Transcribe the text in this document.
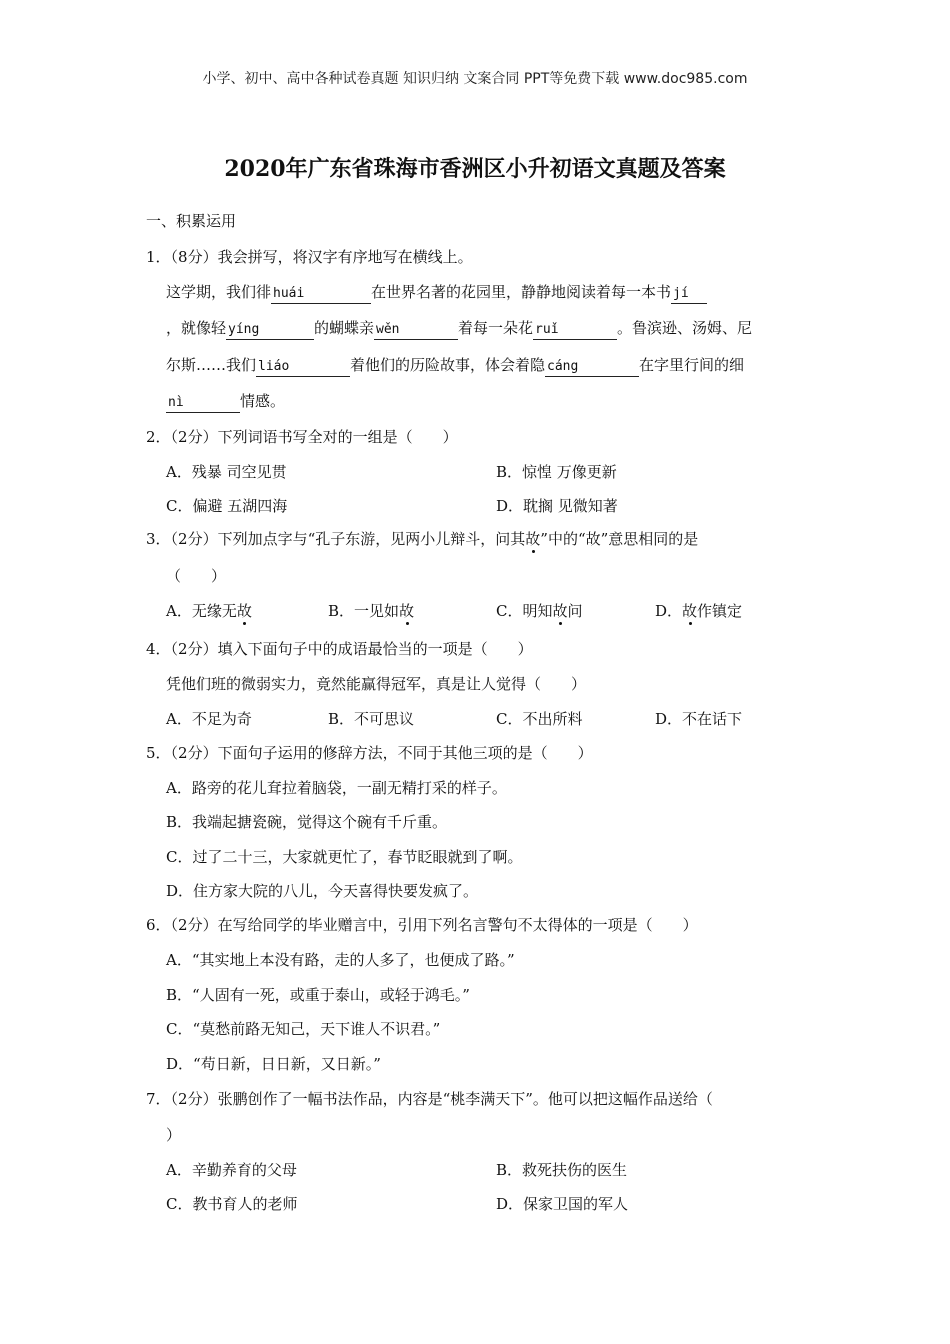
小学、初中、高中各种试卷真题 知识归纳 文案合同 PPT等免费下载 www.doc985.com
2020年广东省珠海市香洲区小升初语文真题及答案
一、积累运用
1．（8分）我会拼写，将汉字有序地写在横线上。
这学期，我们徘 huái	在世界名著的花园里，静静地阅读着每一本书 jí
，就像轻 yíng	的蝴蝶亲 wěn	着每一朵花 ruǐ	。鲁滨逊、汤姆、尼
尔斯……我们 liáo	着他们的历险故事，体会着隐 cáng	在字里行间的细
nì	情感。
2．（2分）下列词语书写全对的一组是（　　）
A．残暴 司空见贯	B．惊惶 万像更新
C．偏避 五湖四海	D．耽搁 见微知著
3．（2分）下列加点字与“孔子东游，见两小儿辩斗，问其故”中的“故”意思相同的是
（　　）
A．无缘无故	B．一见如故	C．明知故问	D．故作镇定
4．（2分）填入下面句子中的成语最恰当的一项是（　　）
凭他们班的微弱实力，竟然能赢得冠军，真是让人觉得（　　）
A．不足为奇	B．不可思议	C．不出所料	D．不在话下
5．（2分）下面句子运用的修辞方法，不同于其他三项的是（　　）
A．路旁的花儿耷拉着脑袋，一副无精打采的样子。
B．我端起搪瓷碗，觉得这个碗有千斤重。
C．过了二十三，大家就更忙了，春节眨眼就到了啊。
D．住方家大院的八儿，今天喜得快要发疯了。
6．（2分）在写给同学的毕业赠言中，引用下列名言警句不太得体的一项是（　　）
A．“其实地上本没有路，走的人多了，也便成了路。”
B．“人固有一死，或重于泰山，或轻于鸿毛。”
C．“莫愁前路无知己，天下谁人不识君。”
D．“苟日新，日日新，又日新。”
7．（2分）张鹏创作了一幅书法作品，内容是“桃李满天下”。他可以把这幅作品送给（
）
A．辛勤养育的父母	B．救死扶伤的医生
C．教书育人的老师	D．保家卫国的军人
